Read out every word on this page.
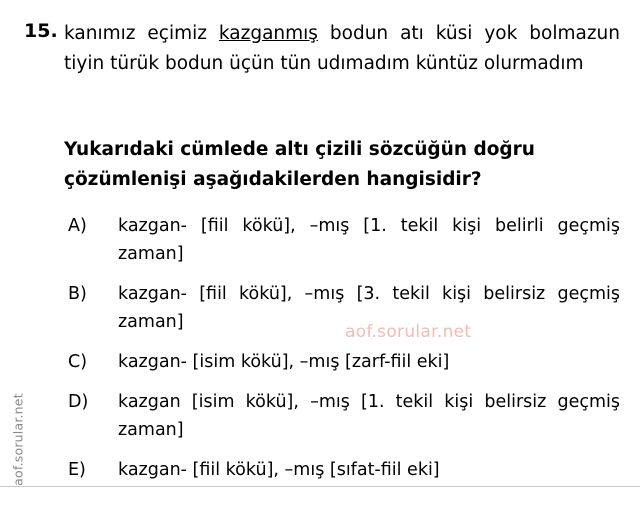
aof.sorular.net
15. kanımız eçimiz kazganmış bodun atı küsi yok bolmazun tiyin türük bodun üçün tün udımadım küntüz olurmadım
Yukarıdaki cümlede altı çizili sözcüğün doğru çözümlenişi aşağıdakilerden hangisidir?
A)	kazgan- [fiil kökü], –mış [1. tekil kişi belirli geçmiş zaman]
B)	kazgan- [fiil kökü], –mış [3. tekil kişi belirsiz geçmiş zaman]
C)	kazgan- [isim kökü], –mış [zarf-fiil eki]
D)	kazgan [isim kökü], –mış [1. tekil kişi belirsiz geçmiş zaman]
E)	kazgan- [fiil kökü], –mış [sıfat-fiil eki]
aof.sorular.net
